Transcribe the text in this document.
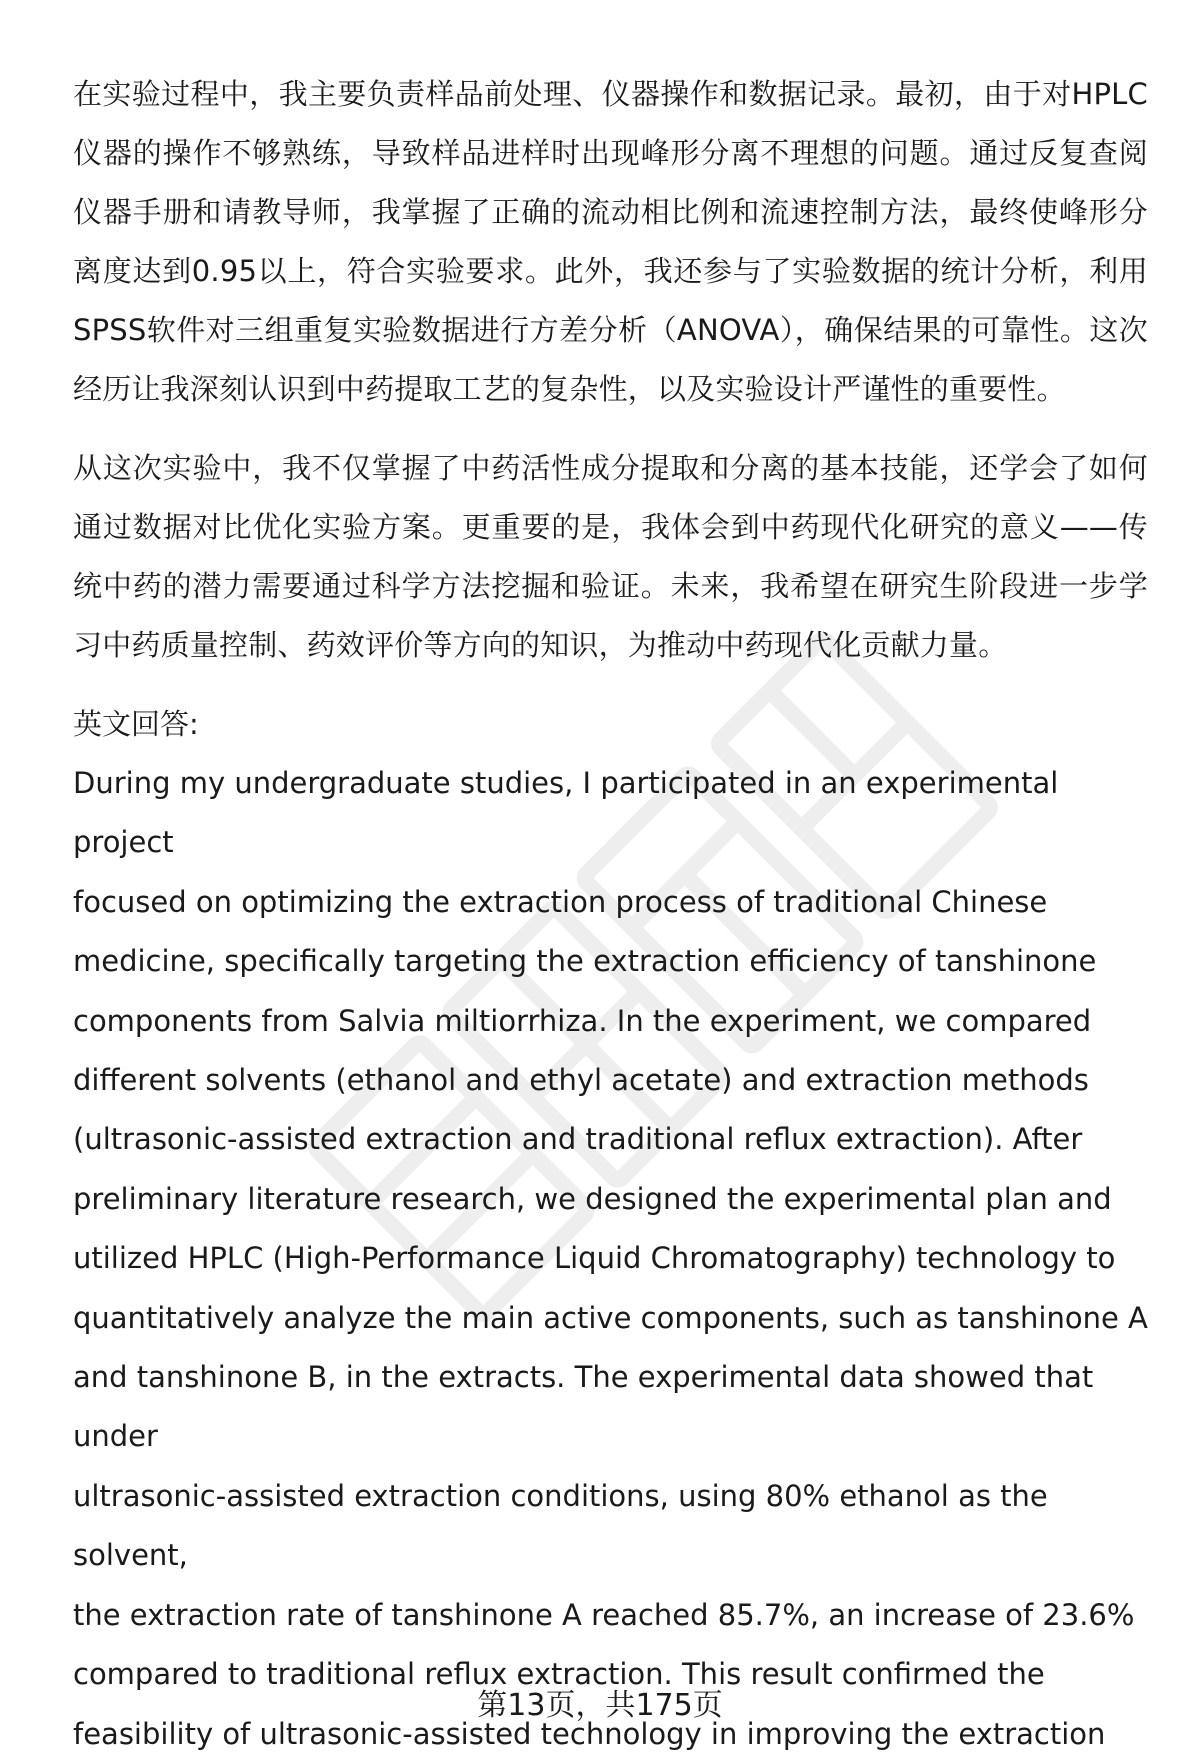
在实验过程中，我主要负责样品前处理、仪器操作和数据记录。最初，由于对HPLC仪器的操作不够熟练，导致样品进样时出现峰形分离不理想的问题。通过反复查阅仪器手册和请教导师，我掌握了正确的流动相比例和流速控制方法，最终使峰形分离度达到0.95以上，符合实验要求。此外，我还参与了实验数据的统计分析，利用SPSS软件对三组重复实验数据进行方差分析（ANOVA），确保结果的可靠性。这次经历让我深刻认识到中药提取工艺的复杂性，以及实验设计严谨性的重要性。

从这次实验中，我不仅掌握了中药活性成分提取和分离的基本技能，还学会了如何通过数据对比优化实验方案。更重要的是，我体会到中药现代化研究的意义——传统中药的潜力需要通过科学方法挖掘和验证。未来，我希望在研究生阶段进一步学习中药质量控制、药效评价等方向的知识，为推动中药现代化贡献力量。

英文回答:

During my undergraduate studies, I participated in an experimental project
focused on optimizing the extraction process of traditional Chinese
medicine, specifically targeting the extraction efficiency of tanshinone
components from Salvia miltiorrhiza. In the experiment, we compared
different solvents (ethanol and ethyl acetate) and extraction methods
(ultrasonic-assisted extraction and traditional reflux extraction). After
preliminary literature research, we designed the experimental plan and
utilized HPLC (High-Performance Liquid Chromatography) technology to
quantitatively analyze the main active components, such as tanshinone A
and tanshinone B, in the extracts. The experimental data showed that under
ultrasonic-assisted extraction conditions, using 80% ethanol as the solvent,
the extraction rate of tanshinone A reached 85.7%, an increase of 23.6%
compared to traditional reflux extraction. This result confirmed the
feasibility of ultrasonic-assisted technology in improving the extraction
第13页，共175页
